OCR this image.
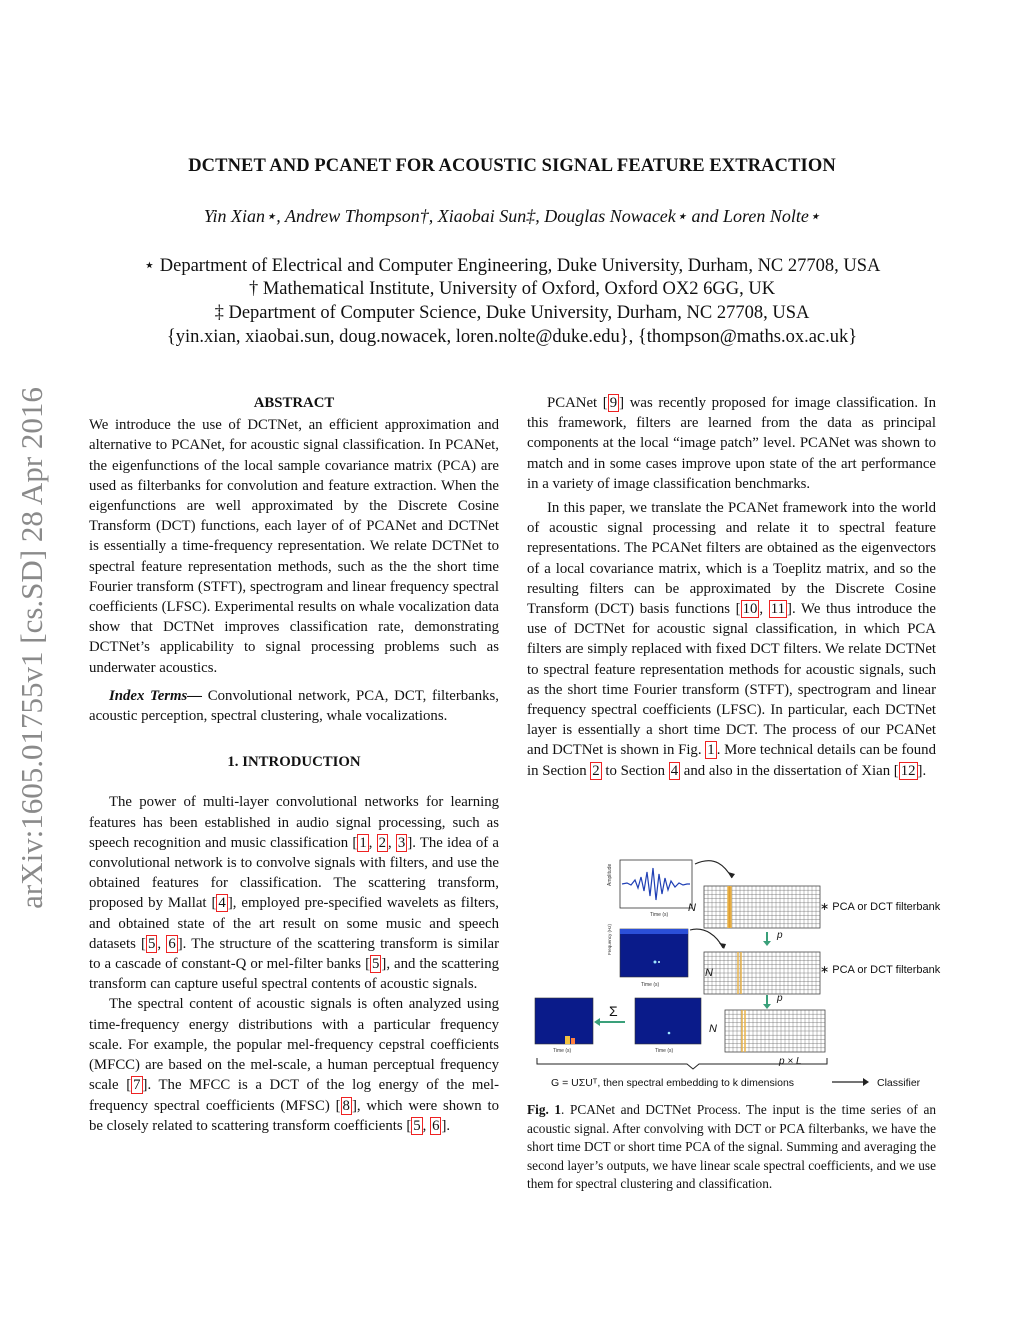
arXiv:1605.01755v1 [cs.SD] 28 Apr 2016
DCTNET AND PCANET FOR ACOUSTIC SIGNAL FEATURE EXTRACTION
Yin Xian⋆, Andrew Thompson†, Xiaobai Sun‡, Douglas Nowacek⋆ and Loren Nolte⋆
⋆ Department of Electrical and Computer Engineering, Duke University, Durham, NC 27708, USA
† Mathematical Institute, University of Oxford, Oxford OX2 6GG, UK
‡ Department of Computer Science, Duke University, Durham, NC 27708, USA
{yin.xian, xiaobai.sun, doug.nowacek, loren.nolte@duke.edu}, {thompson@maths.ox.ac.uk}
ABSTRACT

We introduce the use of DCTNet, an efficient approximation and alternative to PCANet, for acoustic signal classification. In PCANet, the eigenfunctions of the local sample covariance matrix (PCA) are used as filterbanks for convolution and feature extraction. When the eigenfunctions are well approximated by the Discrete Cosine Transform (DCT) functions, each layer of of PCANet and DCTNet is essentially a time-frequency representation. We relate DCTNet to spectral feature representation methods, such as the the short time Fourier transform (STFT), spectrogram and linear frequency spectral coefficients (LFSC). Experimental results on whale vocalization data show that DCTNet improves classification rate, demonstrating DCTNet’s applicability to signal processing problems such as underwater acoustics.

Index Terms— Convolutional network, PCA, DCT, filterbanks, acoustic perception, spectral clustering, whale vocalizations.

1. INTRODUCTION

The power of multi-layer convolutional networks for learning features has been established in audio signal processing, such as speech recognition and music classification [ 1 , 2 , 3 ]. The idea of a convolutional network is to convolve signals with filters, and use the obtained features for classification. The scattering transform, proposed by Mallat [ 4 ], employed pre-specified wavelets as filters, and obtained state of the art result on some music and speech datasets [ 5 , 6 ]. The structure of the scattering transform is similar to a cascade of constant-Q or mel-filter banks [ 5 ], and the scattering transform can capture useful spectral contents of acoustic signals.

The spectral content of acoustic signals is often analyzed using time-frequency energy distributions with a particular frequency scale. For example, the popular mel-frequency cepstral coefficients (MFCC) are based on the mel-scale, a human perceptual frequency scale [ 7 ]. The MFCC is a DCT of the log energy of the mel-frequency spectral coefficients (MFSC) [ 8 ], which were shown to be closely related to scattering transform coefficients [ 5 , 6 ].

PCANet [ 9 ] was recently proposed for image classification. In this framework, filters are learned from the data as principal components at the local “image patch” level. PCANet was shown to match and in some cases improve upon state of the art performance in a variety of image classification benchmarks.

In this paper, we translate the PCANet framework into the world of acoustic signal processing and relate it to spectral feature representations. The PCANet filters are obtained as the eigenvectors of a local covariance matrix, which is a Toeplitz matrix, and so the resulting filters can be approximated by the Discrete Cosine Transform (DCT) basis functions [ 10 , 11 ]. We thus introduce the use of DCTNet for acoustic signal classification, in which PCA filters are simply replaced with fixed DCT filters. We relate DCTNet to spectral feature representation methods for acoustic signals, such as the short time Fourier transform (STFT), spectrogram and linear frequency spectral coefficients (LFSC). In particular, each DCTNet layer is essentially a short time DCT. The process of our PCANet and DCTNet is shown in Fig. 1 . More technical details can be found in Section 2 to Section 4 and also in the dissertation of Xian [ 12 ].

Amplitude
Time (s)
N	∗ PCA or DCT filterbank
p
Frequency (Hz)
Time (s)
N	∗ PCA or DCT filterbank
p
Time (s)
N
p × L
Σ
Time (s)
G = UΣUᵀ, then spectral embedding to k dimensions	Classifier
Fig. 1. PCANet and DCTNet Process. The input is the time series of an acoustic signal. After convolving with DCT or PCA filterbanks, we have the short time DCT or short time PCA of the signal. Summing and averaging the second layer’s outputs, we have linear scale spectral coefficients, and we use them for spectral clustering and classification.
